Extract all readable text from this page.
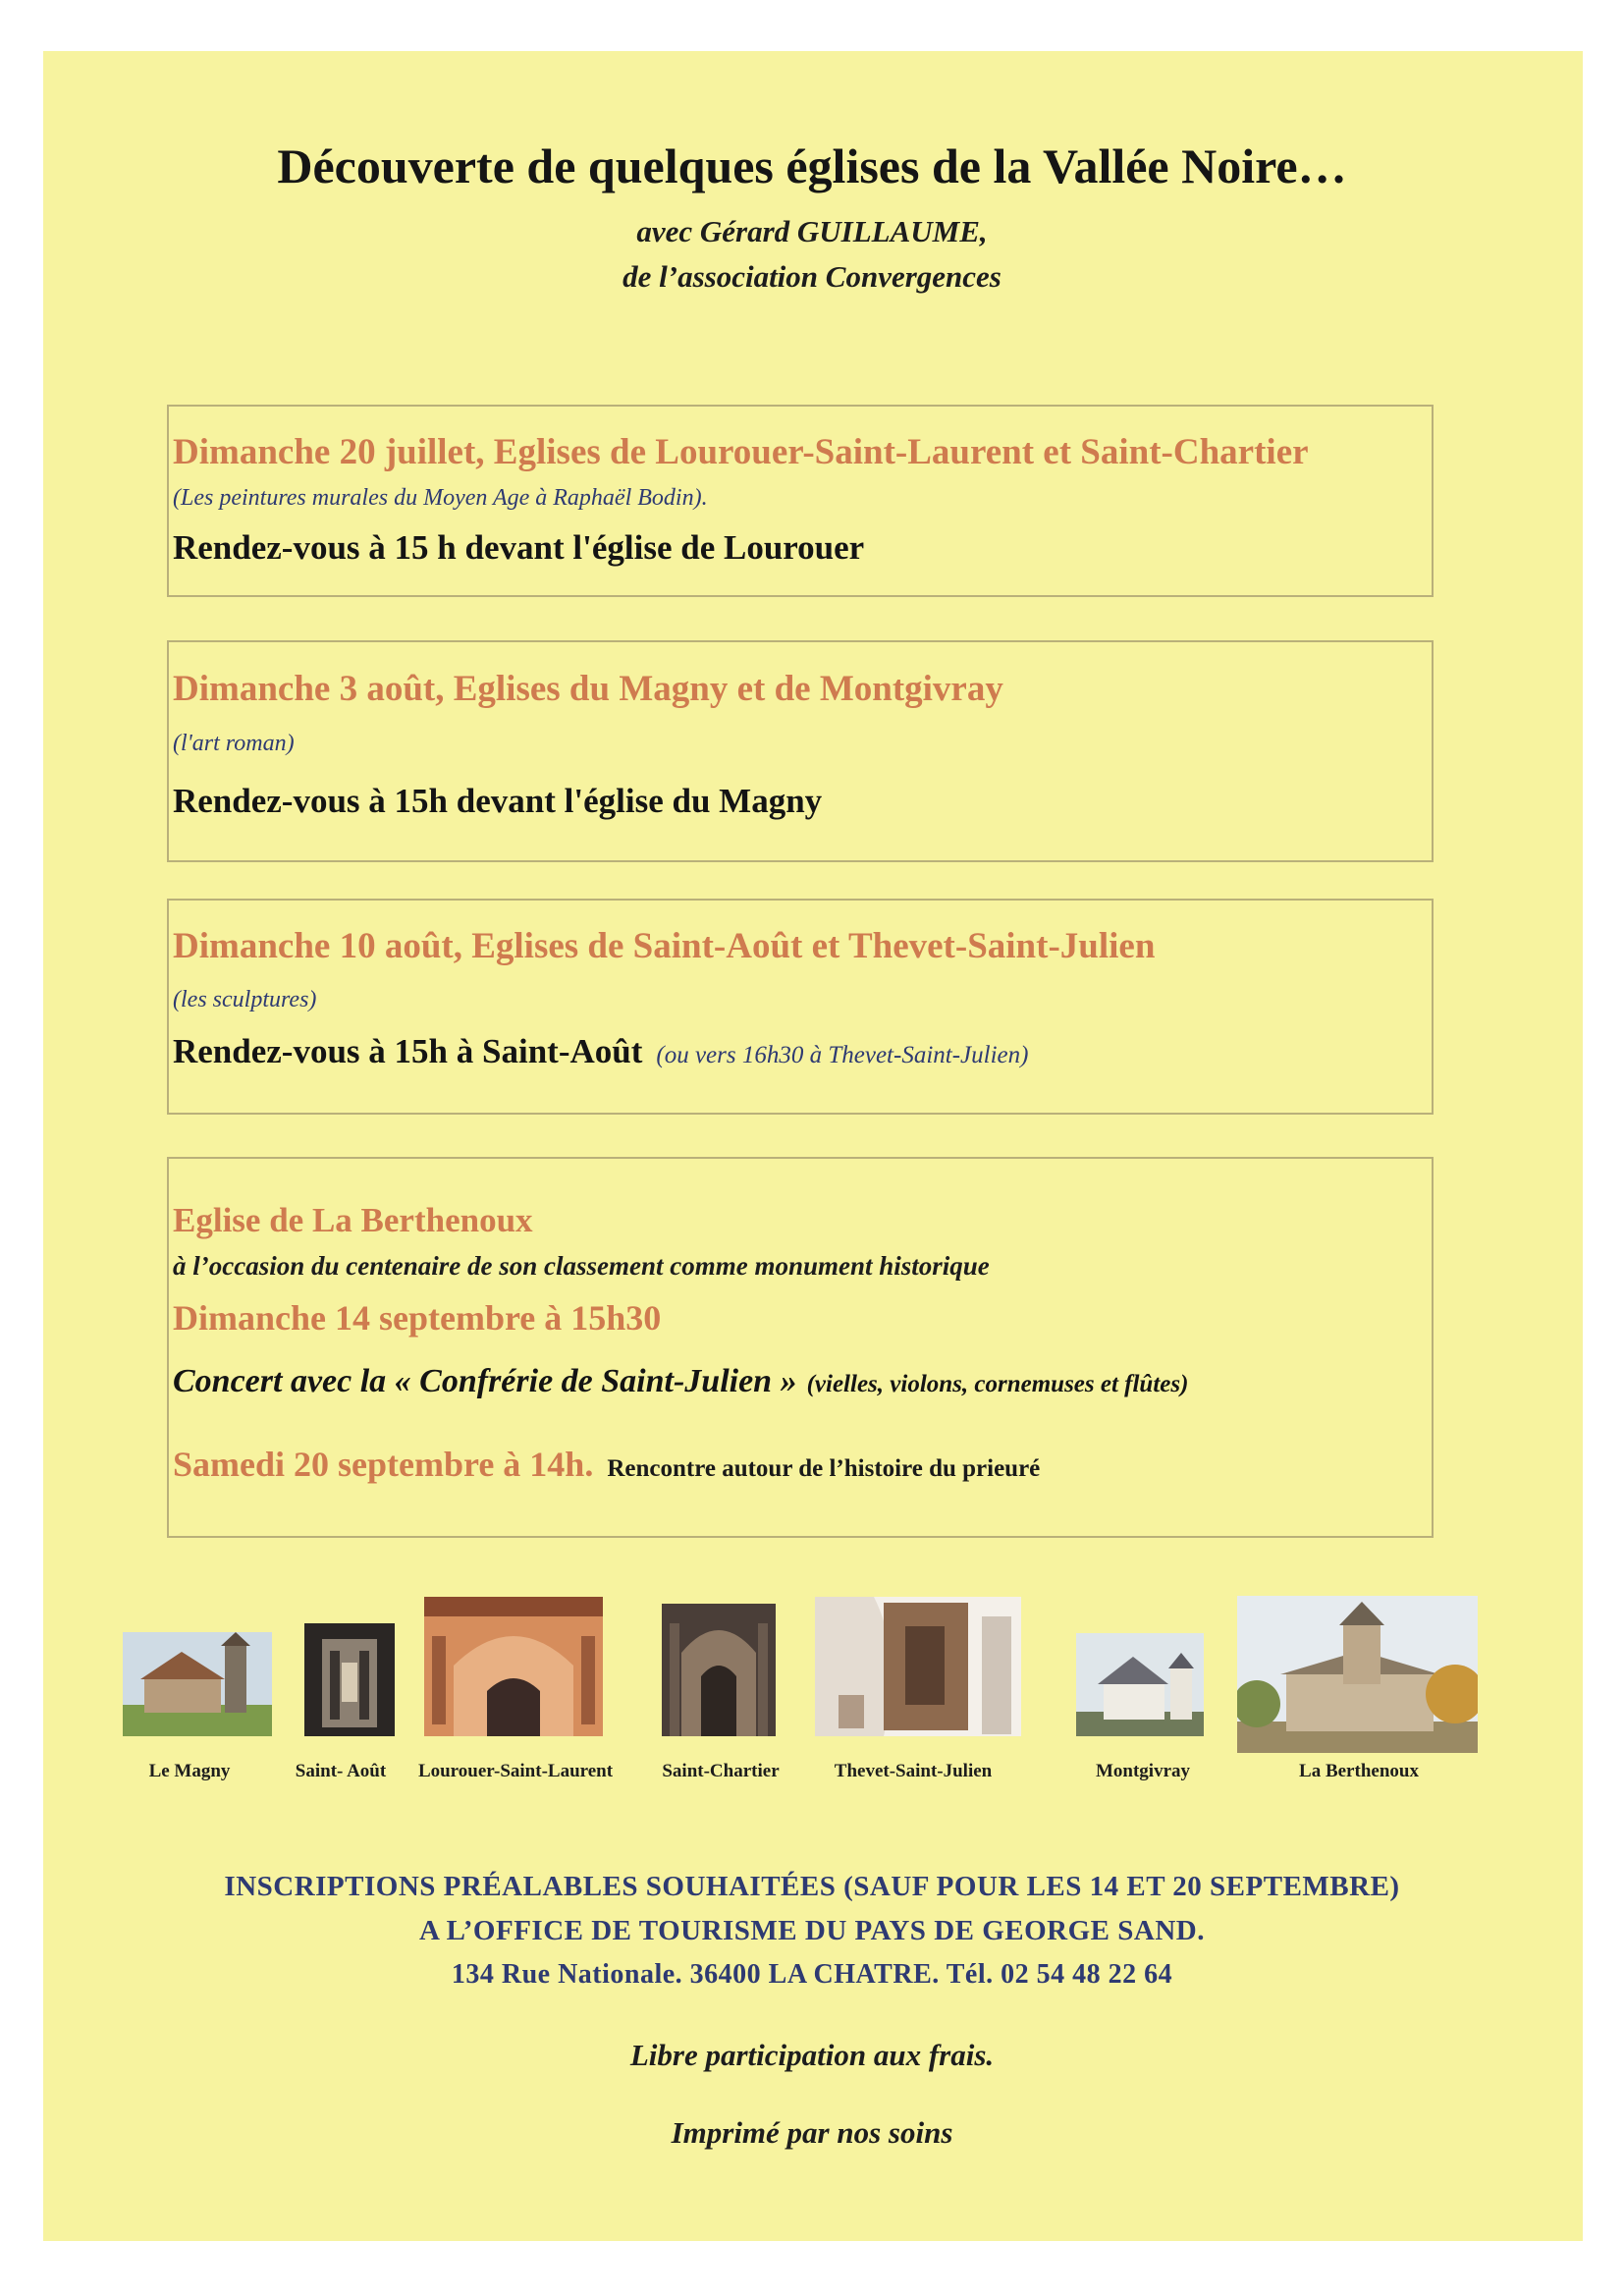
Découverte de quelques églises de la Vallée Noire…
avec Gérard GUILLAUME,
de l’association Convergences
Dimanche 20 juillet, Eglises de Lourouer-Saint-Laurent et Saint-Chartier
(Les peintures murales du Moyen Age à Raphaël Bodin).
Rendez-vous à 15 h devant l'église de Lourouer
Dimanche 3 août, Eglises du Magny et de Montgivray
(l'art roman)
Rendez-vous à 15h devant l'église du Magny
Dimanche 10 août, Eglises de Saint-Août et Thevet-Saint-Julien
(les sculptures)
Rendez-vous à 15h à Saint-Août (ou vers 16h30 à Thevet-Saint-Julien)
Eglise de La Berthenoux
à l’occasion du centenaire de son classement comme monument historique
Dimanche 14 septembre à 15h30
Concert avec la « Confrérie de Saint-Julien » (vielles, violons, cornemuses et flûtes)
Samedi 20 septembre à 14h. Rencontre autour de l’histoire du prieuré
Le Magny	Saint- Août Lourouer-Saint-Laurent	Saint-Chartier	Thevet-Saint-Julien	Montgivray	La Berthenoux
INSCRIPTIONS PRÉALABLES SOUHAITÉES (SAUF POUR LES 14 ET 20 SEPTEMBRE)
A L’OFFICE DE TOURISME DU PAYS DE GEORGE SAND.
134 Rue Nationale. 36400 LA CHATRE. Tél. 02 54 48 22 64
Libre participation aux frais.
Imprimé par nos soins
